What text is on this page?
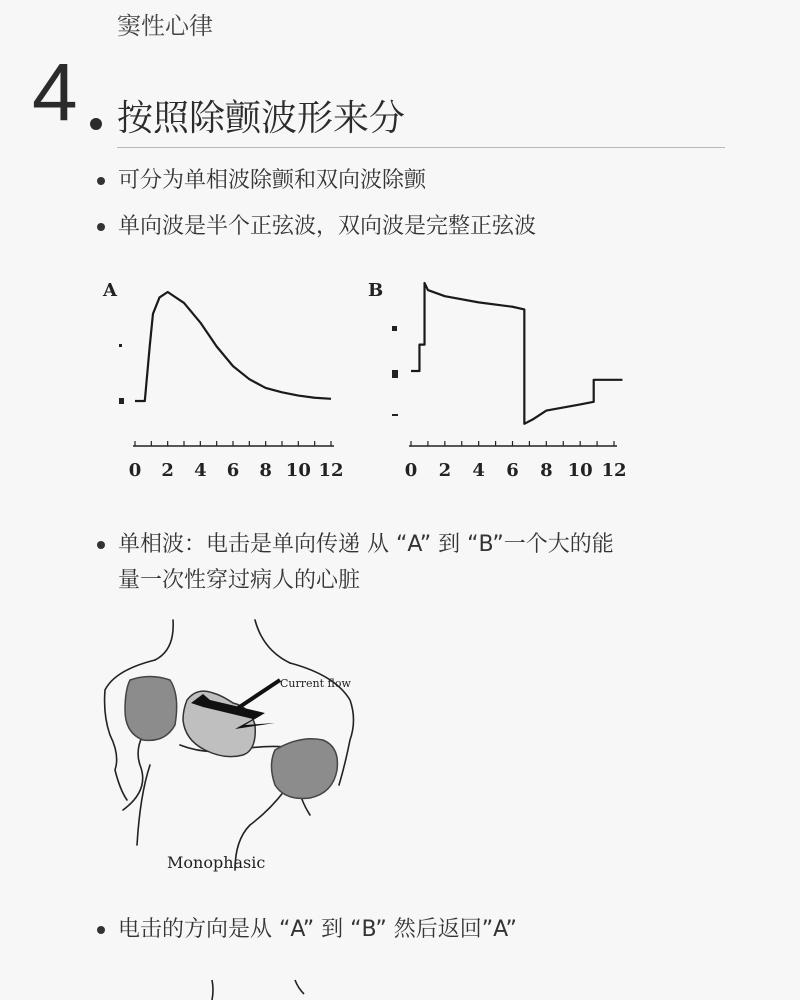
窦性心律
4 按照除颤波形来分
可分为单相波除颤和双向波除颤
单向波是半个正弦波，双向波是完整正弦波
A
0 2 4 6 8 10 12
B
0 2 4 6 8 10 12
单相波：电击是单向传递 从 “A” 到 “B”一个大的能
量一次性穿过病人的心脏
Current flow
Monophasic
电击的方向是从 “A” 到 “B” 然后返回”A”
